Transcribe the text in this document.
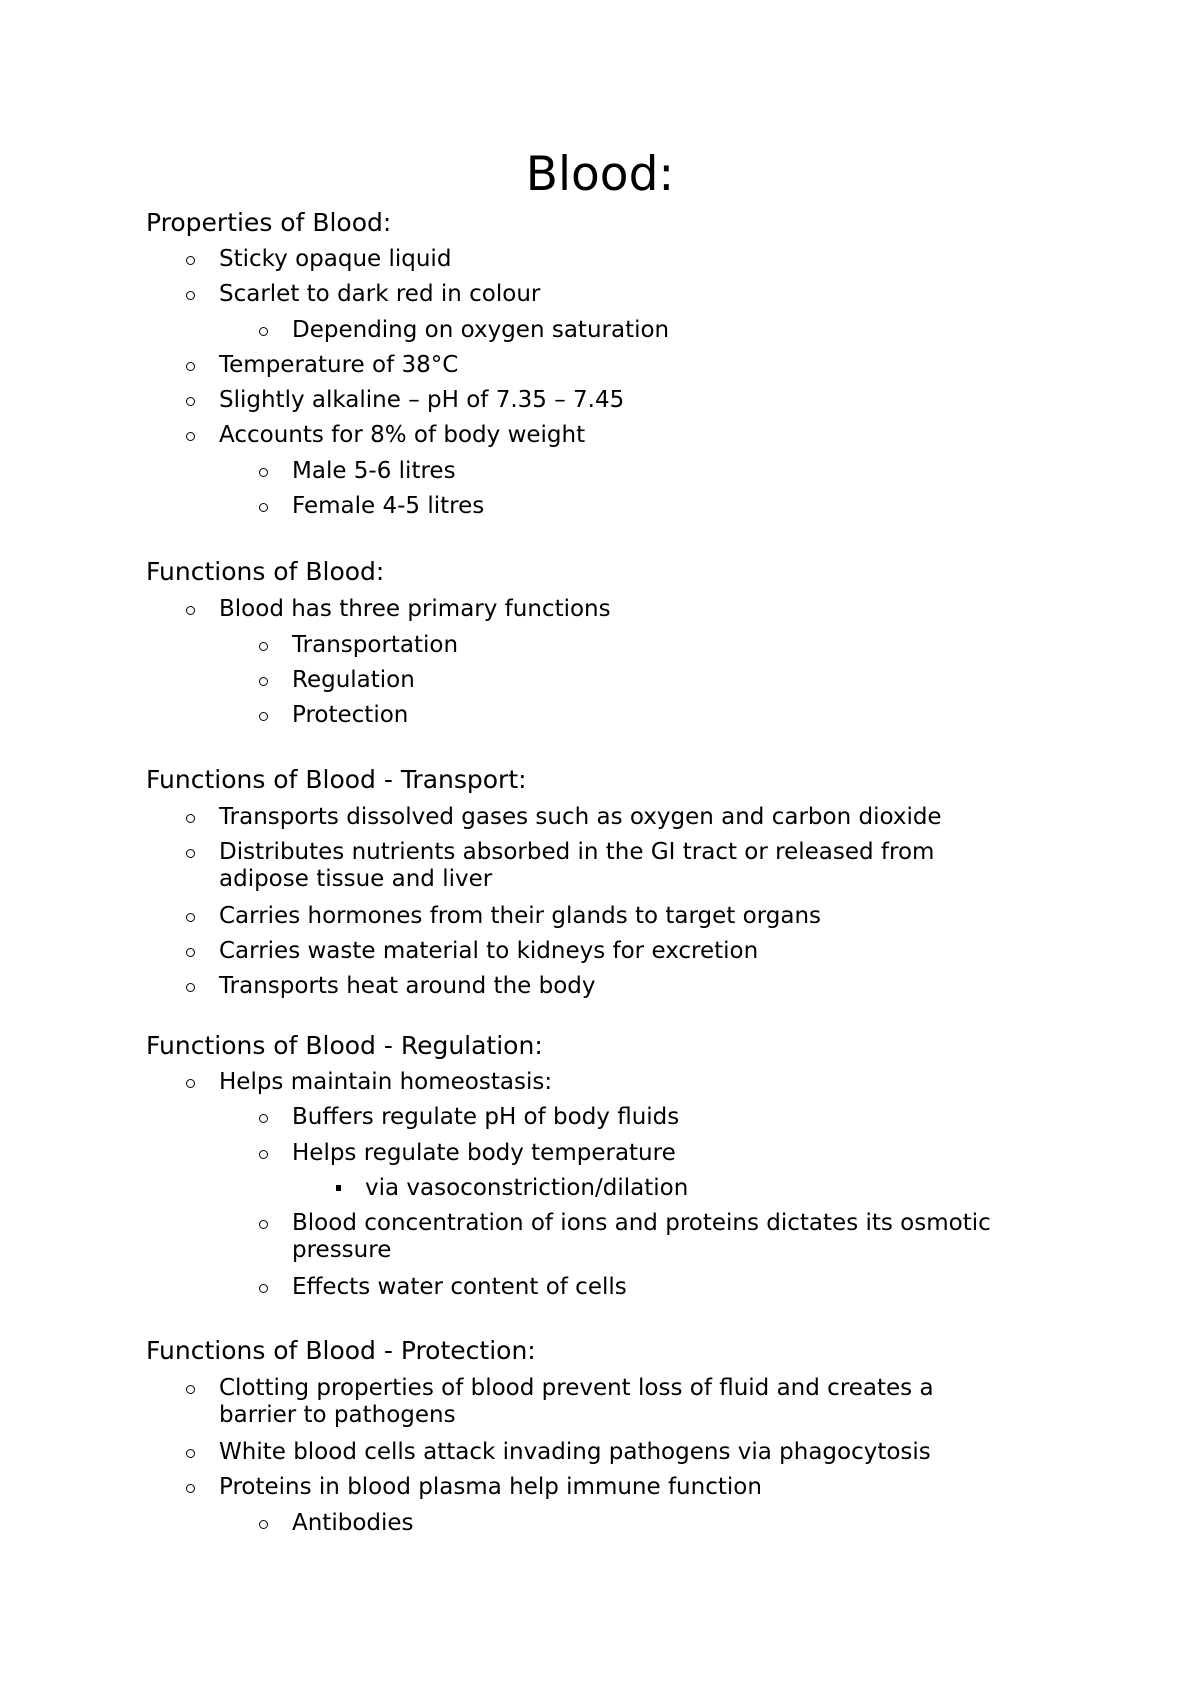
Blood:
Properties of Blood:
Sticky opaque liquid
Scarlet to dark red in colour
Depending on oxygen saturation
Temperature of 38°C
Slightly alkaline – pH of 7.35 – 7.45
Accounts for 8% of body weight
Male 5-6 litres
Female 4-5 litres
Functions of Blood:
Blood has three primary functions
Transportation
Regulation
Protection
Functions of Blood - Transport:
Transports dissolved gases such as oxygen and carbon dioxide
Distributes nutrients absorbed in the GI tract or released from adipose tissue and liver
Carries hormones from their glands to target organs
Carries waste material to kidneys for excretion
Transports heat around the body
Functions of Blood - Regulation:
Helps maintain homeostasis:
Buffers regulate pH of body fluids
Helps regulate body temperature
via vasoconstriction/dilation
Blood concentration of ions and proteins dictates its osmotic pressure
Effects water content of cells
Functions of Blood - Protection:
Clotting properties of blood prevent loss of fluid and creates a barrier to pathogens
White blood cells attack invading pathogens via phagocytosis
Proteins in blood plasma help immune function
Antibodies
